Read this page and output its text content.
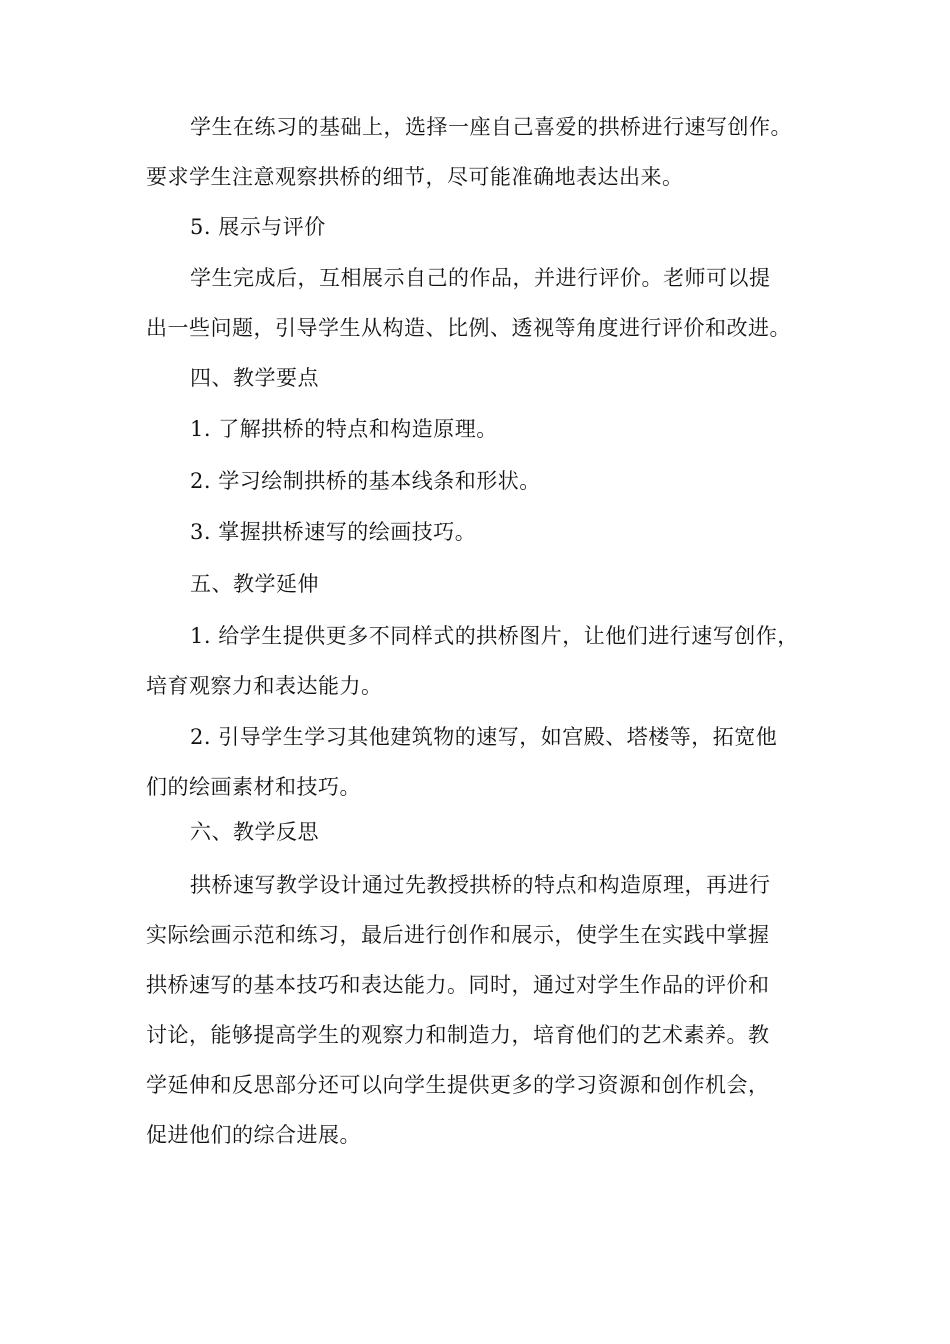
学生在练习的基础上，选择一座自己喜爱的拱桥进行速写创作。
要求学生注意观察拱桥的细节，尽可能准确地表达出来。
5. 展示与评价
学生完成后，互相展示自己的作品，并进行评价。老师可以提
出一些问题，引导学生从构造、比例、透视等角度进行评价和改进。
四、教学要点
1. 了解拱桥的特点和构造原理。
2. 学习绘制拱桥的基本线条和形状。
3. 掌握拱桥速写的绘画技巧。
五、教学延伸
1. 给学生提供更多不同样式的拱桥图片，让他们进行速写创作，
培育观察力和表达能力。
2. 引导学生学习其他建筑物的速写，如宫殿、塔楼等，拓宽他
们的绘画素材和技巧。
六、教学反思
拱桥速写教学设计通过先教授拱桥的特点和构造原理，再进行
实际绘画示范和练习，最后进行创作和展示，使学生在实践中掌握
拱桥速写的基本技巧和表达能力。同时，通过对学生作品的评价和
讨论，能够提高学生的观察力和制造力，培育他们的艺术素养。教
学延伸和反思部分还可以向学生提供更多的学习资源和创作机会，
促进他们的综合进展。
